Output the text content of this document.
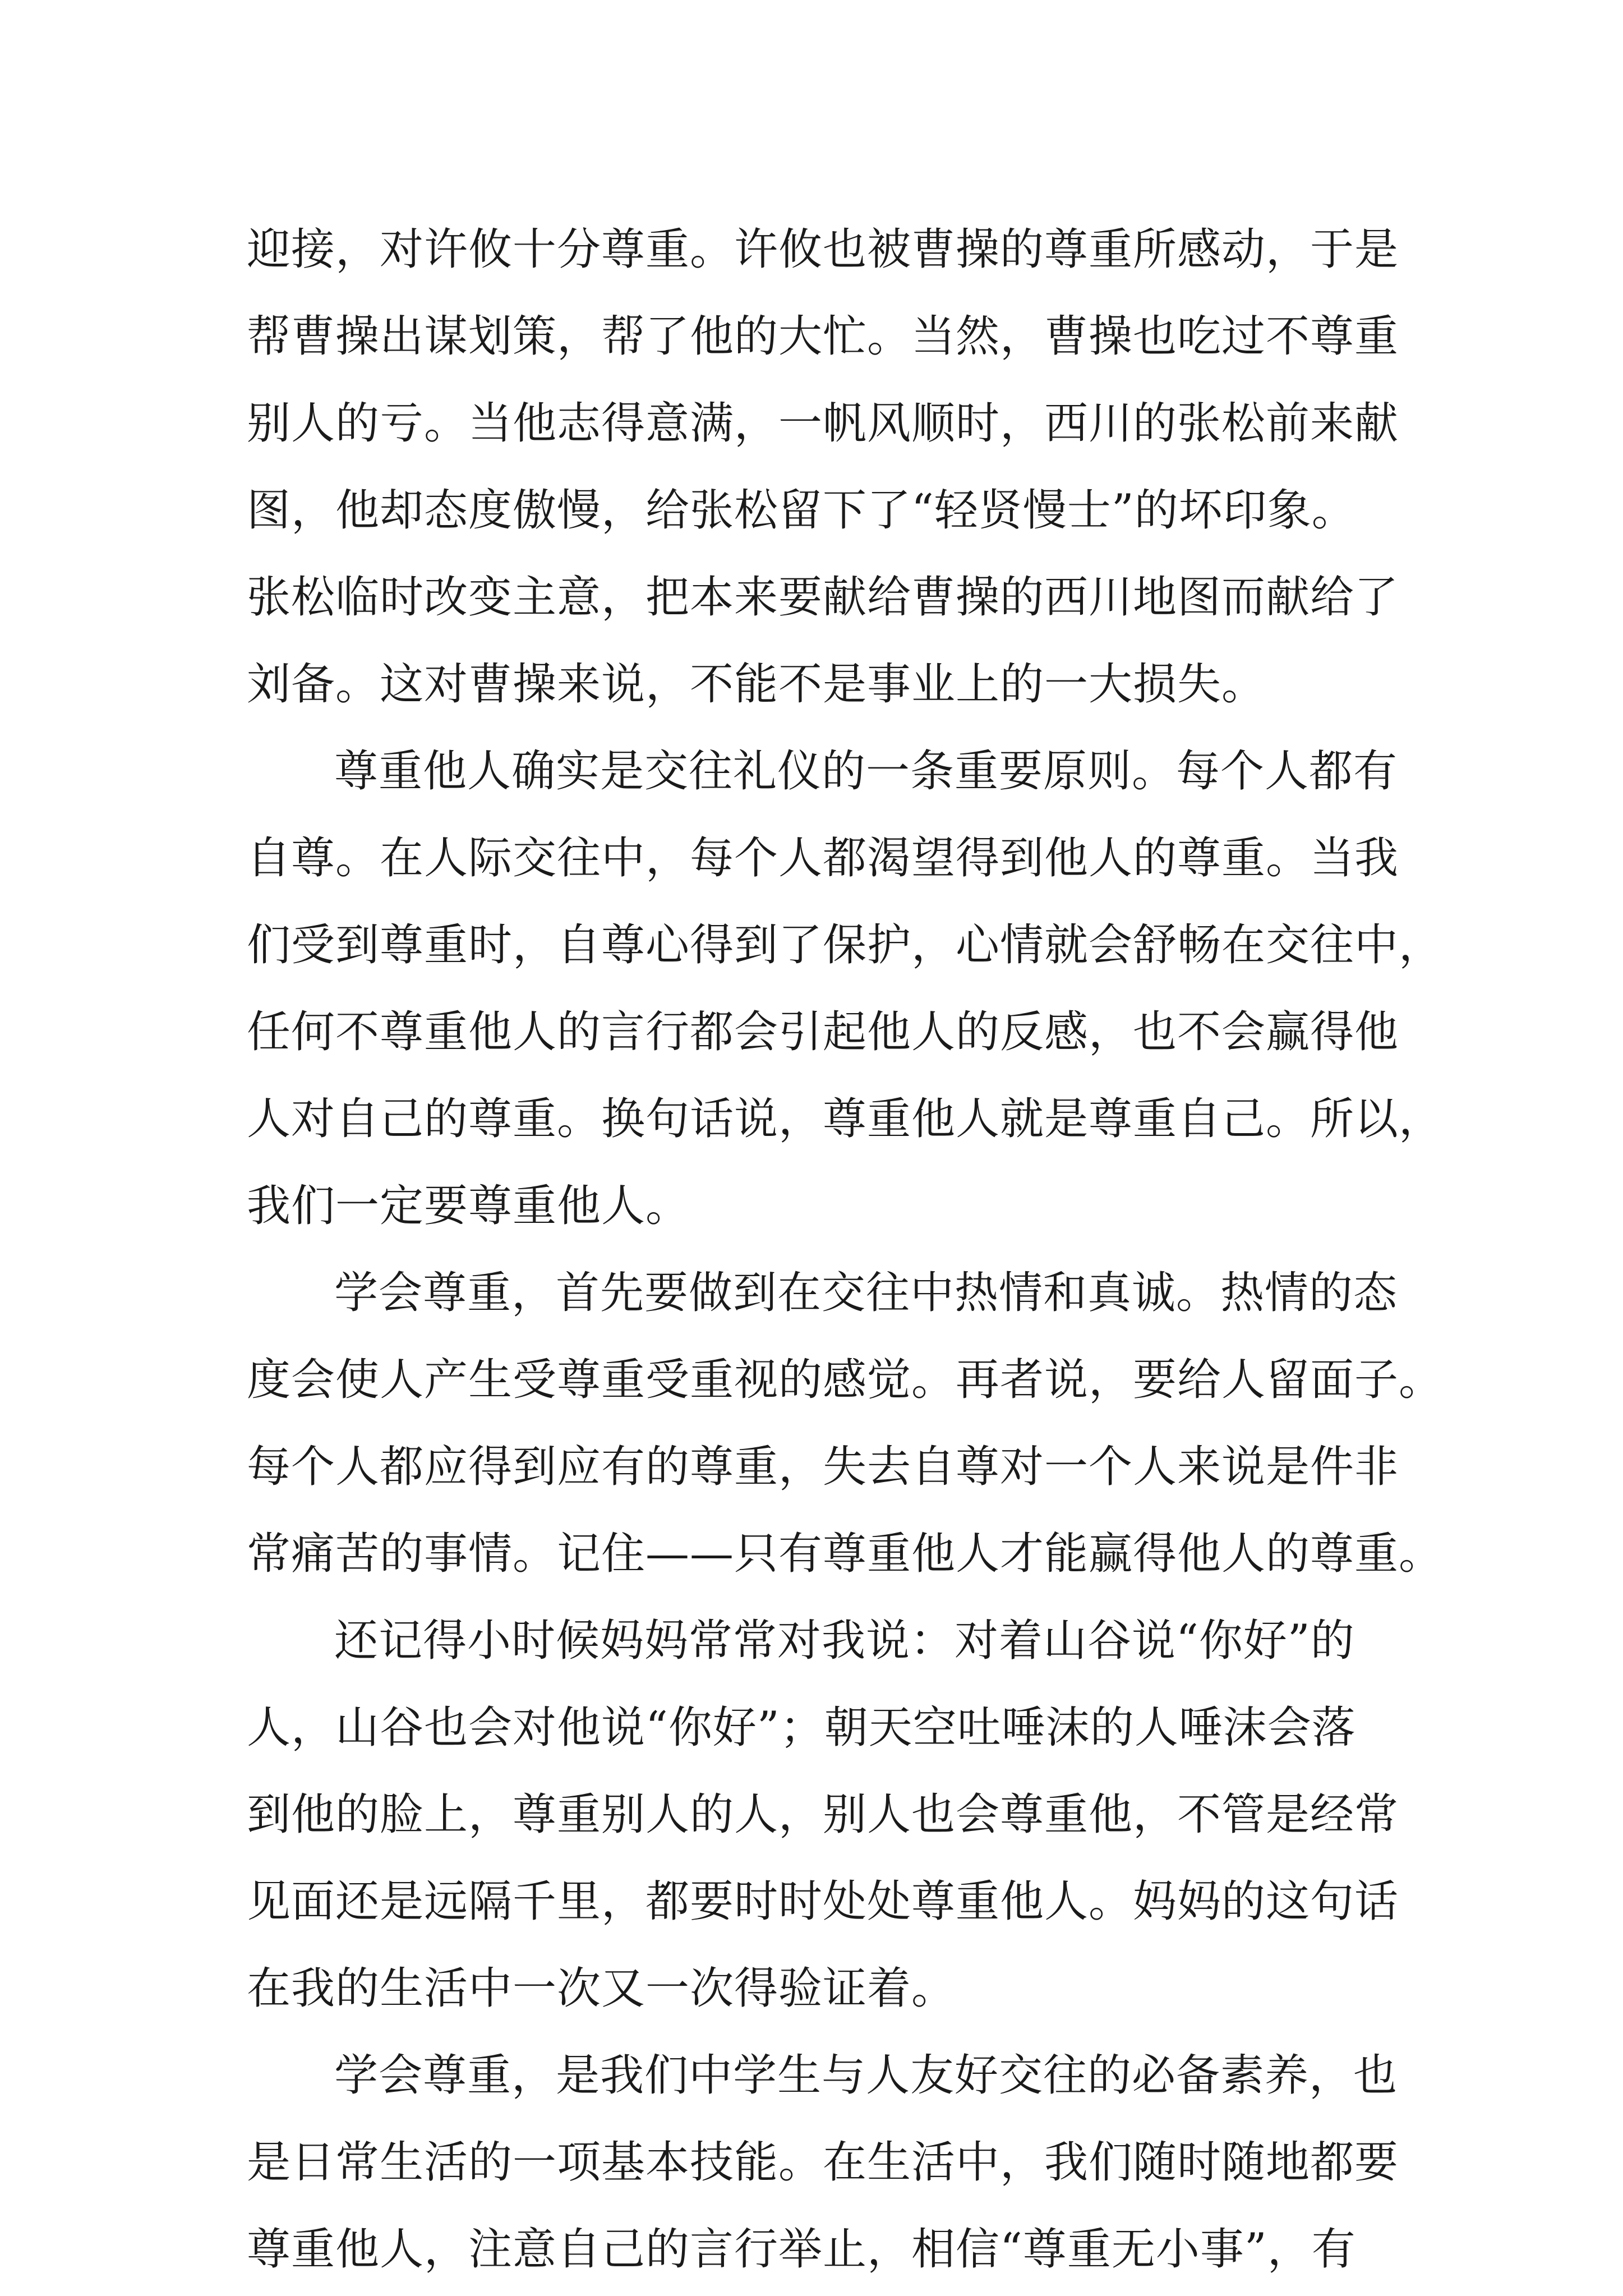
迎接，对许攸十分尊重。许攸也被曹操的尊重所感动，于是
帮曹操出谋划策，帮了他的大忙。当然，曹操也吃过不尊重
别人的亏。当他志得意满，一帆风顺时，西川的张松前来献
图，他却态度傲慢，给张松留下了“轻贤慢士”的坏印象。
张松临时改变主意，把本来要献给曹操的西川地图而献给了
刘备。这对曹操来说，不能不是事业上的一大损失。
尊重他人确实是交往礼仪的一条重要原则。每个人都有
自尊。在人际交往中，每个人都渴望得到他人的尊重。当我
们受到尊重时，自尊心得到了保护，心情就会舒畅在交往中，
任何不尊重他人的言行都会引起他人的反感，也不会赢得他
人对自己的尊重。换句话说，尊重他人就是尊重自己。所以，
我们一定要尊重他人。
学会尊重，首先要做到在交往中热情和真诚。热情的态
度会使人产生受尊重受重视的感觉。再者说，要给人留面子。
每个人都应得到应有的尊重，失去自尊对一个人来说是件非
常痛苦的事情。记住——只有尊重他人才能赢得他人的尊重。
还记得小时候妈妈常常对我说：对着山谷说“你好”的
人，山谷也会对他说“你好”；朝天空吐唾沫的人唾沫会落
到他的脸上，尊重别人的人，别人也会尊重他，不管是经常
见面还是远隔千里，都要时时处处尊重他人。妈妈的这句话
在我的生活中一次又一次得验证着。
学会尊重，是我们中学生与人友好交往的必备素养，也
是日常生活的一项基本技能。在生活中，我们随时随地都要
尊重他人，注意自己的言行举止，相信“尊重无小事”，有
